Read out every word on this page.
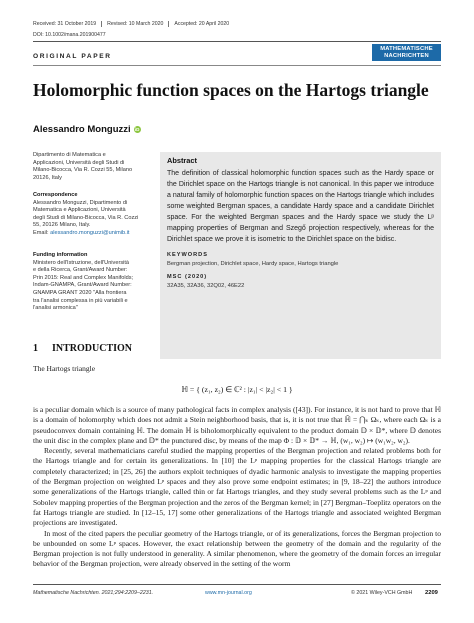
Received: 31 October 2019	Revised: 10 March 2020	Accepted: 20 April 2020
DOI: 10.1002/mana.201900477
ORIGINAL PAPER
MATHEMATISCHE
NACHRICHTEN
Holomorphic function spaces on the Hartogs triangle
Alessandro Monguzzi iD
Dipartimento di Matematica e
Applicazioni, Università degli Studi di
Milano-Bicocca, Via R. Cozzi 55, Milano
20126, Italy
Correspondence
Alessandro Monguzzi, Dipartimento di
Matematica e Applicazioni, Università
degli Studi di Milano-Bicocca, Via R. Cozzi
55, 20126 Milano, Italy.
Email: alessandro.monguzzi@unimib.it
Funding information
Ministero dell'Istruzione, dell'Università
e della Ricerca, Grant/Award Number:
Prin 2015: Real and Complex Manifolds;
Indam-GNAMPA, Grant/Award Number:
GNAMPA GRANT 2020 "Alla frontiera
tra l'analisi complessa in più variabili e
l'analisi armonica"
Abstract

The definition of classical holomorphic function spaces such as the Hardy space or the Dirichlet space on the Hartogs triangle is not canonical. In this paper we introduce a natural family of holomorphic function spaces on the Hartogs triangle which includes some weighted Bergman spaces, a candidate Hardy space and a candidate Dirichlet space. For the weighted Bergman spaces and the Hardy space we study the Lᵖ mapping properties of Bergman and Szegő projection respectively, whereas for the Dirichlet space we prove it is isometric to the Dirichlet space on the bidisc.

KEYWORDS
Bergman projection, Dirichlet space, Hardy space, Hartogs triangle
MSC (2020)
32A35, 32A36, 32Q02, 46E22
1 INTRODUCTION

The Hartogs triangle

ℍ = { (z₁, z₂) ∈ ℂ² : |z₁| < |z₂| < 1 }

is a peculiar domain which is a source of many pathological facts in complex analysis ([43]). For instance, it is not hard to prove that ℍ is a domain of holomorphy which does not admit a Stein neighborhood basis, that is, it is not true that ℍ̄ = ⋂ₖ Ωₖ, where each Ωₖ is a pseudoconvex domain containing ℍ. The domain ℍ is biholomorphically equivalent to the product domain 𝔻 × 𝔻*, where 𝔻 denotes the unit disc in the complex plane and 𝔻* the punctured disc, by means of the map Φ : 𝔻 × 𝔻* → ℍ, (w₁, w₂) ↦ (w₁w₂, w₂).

Recently, several mathematicians careful studied the mapping properties of the Bergman projection and related problems both for the Hartogs triangle and for certain its generalizations. In [10] the Lᵖ mapping properties for the classical Hartogs triangle are completely characterized; in [25, 26] the authors exploit techniques of dyadic harmonic analysis to investigate the mapping properties of the Bergman projection on weighted Lᵖ spaces and they also prove some endpoint estimates; in [9, 18–22] the authors introduce some generalizations of the Hartogs triangle, called thin or fat Hartogs triangles, and they study several problems such as the Lᵖ and Sobolev mapping properties of the Bergman projection and the zeros of the Bergman kernel; in [27] Bergman–Toeplitz operators on the fat Hartogs triangle are studied. In [12–15, 17] some other generalizations of the Hartogs triangle and associated weighted Bergman projections are investigated.

In most of the cited papers the peculiar geometry of the Hartogs triangle, or of its generalizations, forces the Bergman projection to be unbounded on some Lᵖ spaces. However, the exact relationship between the geometry of the domain and the regularity of the Bergman projection is not fully understood in generality. A similar phenomenon, where the geometry of the domain forces an irregular behavior of the Bergman projection, were already observed in the setting of the worm

Mathematische Nachrichten. 2021;294:2209–2231.	www.mn-journal.org	© 2021 Wiley-VCH GmbH 2209
